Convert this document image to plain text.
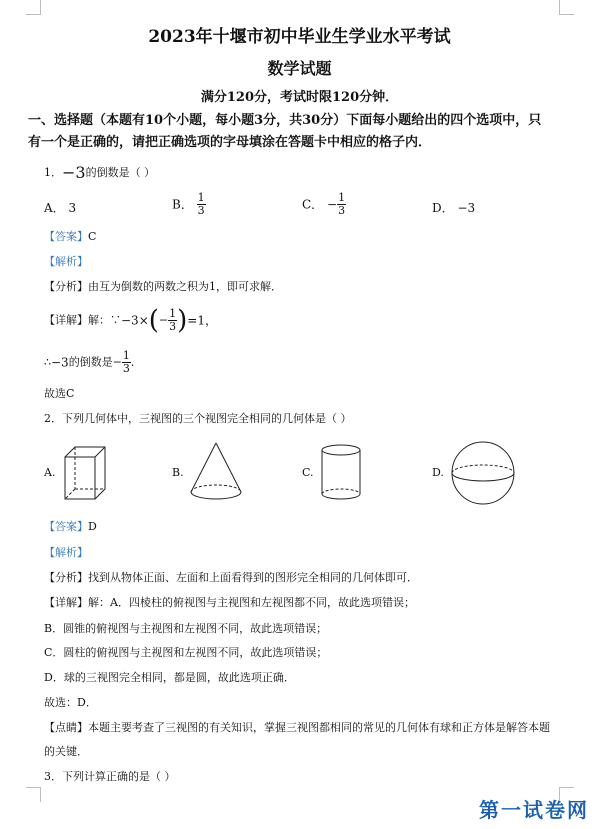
2023年十堰市初中毕业生学业水平考试
数学试题
满分120分，考试时限120分钟．
一、选择题（本题有10个小题，每小题3分，共30分）下面每小题给出的四个选项中，只
有一个是正确的，请把正确选项的字母填涂在答题卡中相应的格子内．
1．−3的倒数是（ ）
A． 3	B． $\frac{1}{3}$	C． − $\frac{1}{3}$	D． −3
【答案】C
【解析】
【分析】由互为倒数的两数之积为1，即可求解．
【详解】解：∵−3×(− $\frac{1}{3} )=1$，
∴−3的倒数是− $\frac{1}{3}$ ．
故选C
2．下列几何体中，三视图的三个视图完全相同的几何体是（ ）
A.	B.	C.	D.
【答案】D
【解析】
【分析】找到从物体正面、左面和上面看得到的图形完全相同的几何体即可．
【详解】解：A．四棱柱的俯视图与主视图和左视图都不同，故此选项错误；
B．圆锥的俯视图与主视图和左视图不同，故此选项错误；
C．圆柱的俯视图与主视图和左视图不同，故此选项错误；
D．球的三视图完全相同，都是圆，故此选项正确．
故选：D．
【点睛】本题主要考查了三视图的有关知识，掌握三视图都相同的常见的几何体有球和正方体是解答本题
的关键．
3．下列计算正确的是（ ）
第一试卷网
